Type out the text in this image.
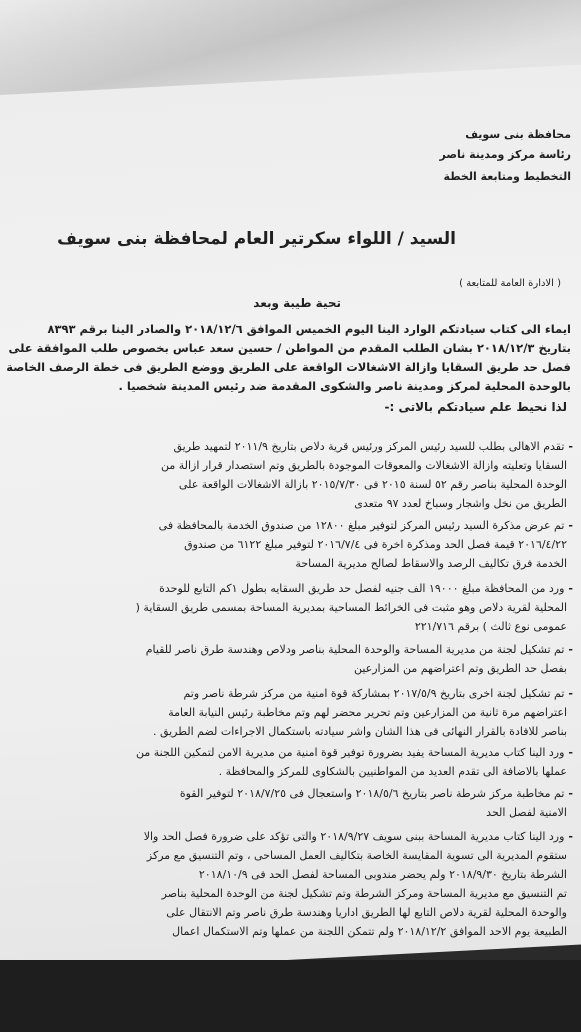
محافظة بنى سويف
رئاسة مركز ومدينة ناصر
التخطيط ومتابعة الخطة
السيد / اللواء سكرتير العام لمحافظة بنى سويف
( الادارة العامة للمتابعة )
تحية طيبة وبعد
ايماء الى كتاب سيادتكم الوارد الينا اليوم الخميس الموافق ٢٠١٨/١٢/٦ والصادر الينا برقم ٨٣٩٣
بتاريخ ٢٠١٨/١٢/٣ بشان الطلب المقدم من المواطن / حسين سعد عباس بخصوص طلب الموافقة على
فصل حد طريق السقايا وازالة الاشغالات الواقعة على الطريق ووضع الطريق فى خطة الرصف الخاصة
بالوحدة المحلية لمركز ومدينة ناصر والشكوى المقدمة ضد رئيس المدينة شخصيا .
لذا نحيط علم سيادتكم بالاتى :-
-تقدم الاهالى بطلب للسيد رئيس المركز ورئيس قرية دلاص بتاريخ ٢٠١١/٩ لتمهيد طريق
السقايا وتعليته وازالة الاشغالات والمعوقات الموجودة بالطريق وتم استصدار قرار ازالة من
الوحدة المحلية بناصر رقم ٥٢ لسنة ٢٠١٥ فى ٢٠١٥/٧/٣٠ بازالة الاشغالات الواقعة على
الطريق من نخل واشجار وسباخ لعدد ٩٧ متعدى
-تم عرض مذكرة السيد رئيس المركز لتوفير مبلغ ١٢٨٠٠ من صندوق الخدمة بالمحافظة فى
٢٠١٦/٤/٢٢ قيمة فصل الحد ومذكرة اخرة فى ٢٠١٦/٧/٤ لتوفير مبلغ ٦١٢٢ من صندوق
الخدمة فرق تكاليف الرصد والاسقاط لصالح مديرية المساحة
-ورد من المحافظة مبلغ ١٩٠٠٠ الف جنيه لفصل حد طريق السقايه بطول ١كم التابع للوحدة
المحلية لقرية دلاص وهو مثبت فى الخرائط المساحية بمديرية المساحة بمسمى طريق السقاية (
عمومى نوع ثالث ) برقم ٢٢١/٧١٦
-تم تشكيل لجنة من مديرية المساحة والوحدة المحلية بناصر ودلاص وهندسة طرق ناصر للقيام
بفصل حد الطريق وتم اعتراضهم من المزارعين
-تم تشكيل لجنة اخرى بتاريخ ٢٠١٧/٥/٩ بمشاركة قوة امنية من مركز شرطة ناصر وتم
اعتراضهم مرة ثانية من المزارعين وتم تحرير محضر لهم وتم مخاطبة رئيس النيابة العامة
بناصر للافادة بالقرار النهائى فى هذا الشان واشر سيادته باستكمال الاجراءات لضم الطريق .
-ورد الينا كتاب مديرية المساحة يفيد بضرورة توفير قوة امنية من مديرية الامن لتمكين اللجنة من
عملها بالاضافة الى تقدم العديد من المواطنيين بالشكاوى للمركز والمحافظة .
-تم مخاطبة مركز شرطة ناصر بتاريخ ٢٠١٨/٥/٦ واستعجال فى ٢٠١٨/٧/٢٥ لتوفير القوة
الامنية لفصل الحد
-ورد الينا كتاب مديرية المساحة ببنى سويف ٢٠١٨/٩/٢٧ والتى تؤكد على ضرورة فصل الحد والا
ستقوم المديرية الى تسوية المقايسة الخاصة بتكاليف العمل المساحى ، وتم التنسيق مع مركز
الشرطة بتاريخ ٢٠١٨/٩/٣٠ ولم يحضر مندوبى المساحة لفصل الحد فى ٢٠١٨/١٠/٩
تم التنسيق مع مديرية المساحة ومركز الشرطة وتم تشكيل لجنة من الوحدة المحلية بناصر
والوحدة المحلية لقرية دلاص التابع لها الطريق اداريا وهندسة طرق ناصر وتم الانتقال على
الطبيعة يوم الاحد الموافق ٢٠١٨/١٢/٢ ولم تتمكن اللجنة من عملها وتم الاستكمال اعمال
